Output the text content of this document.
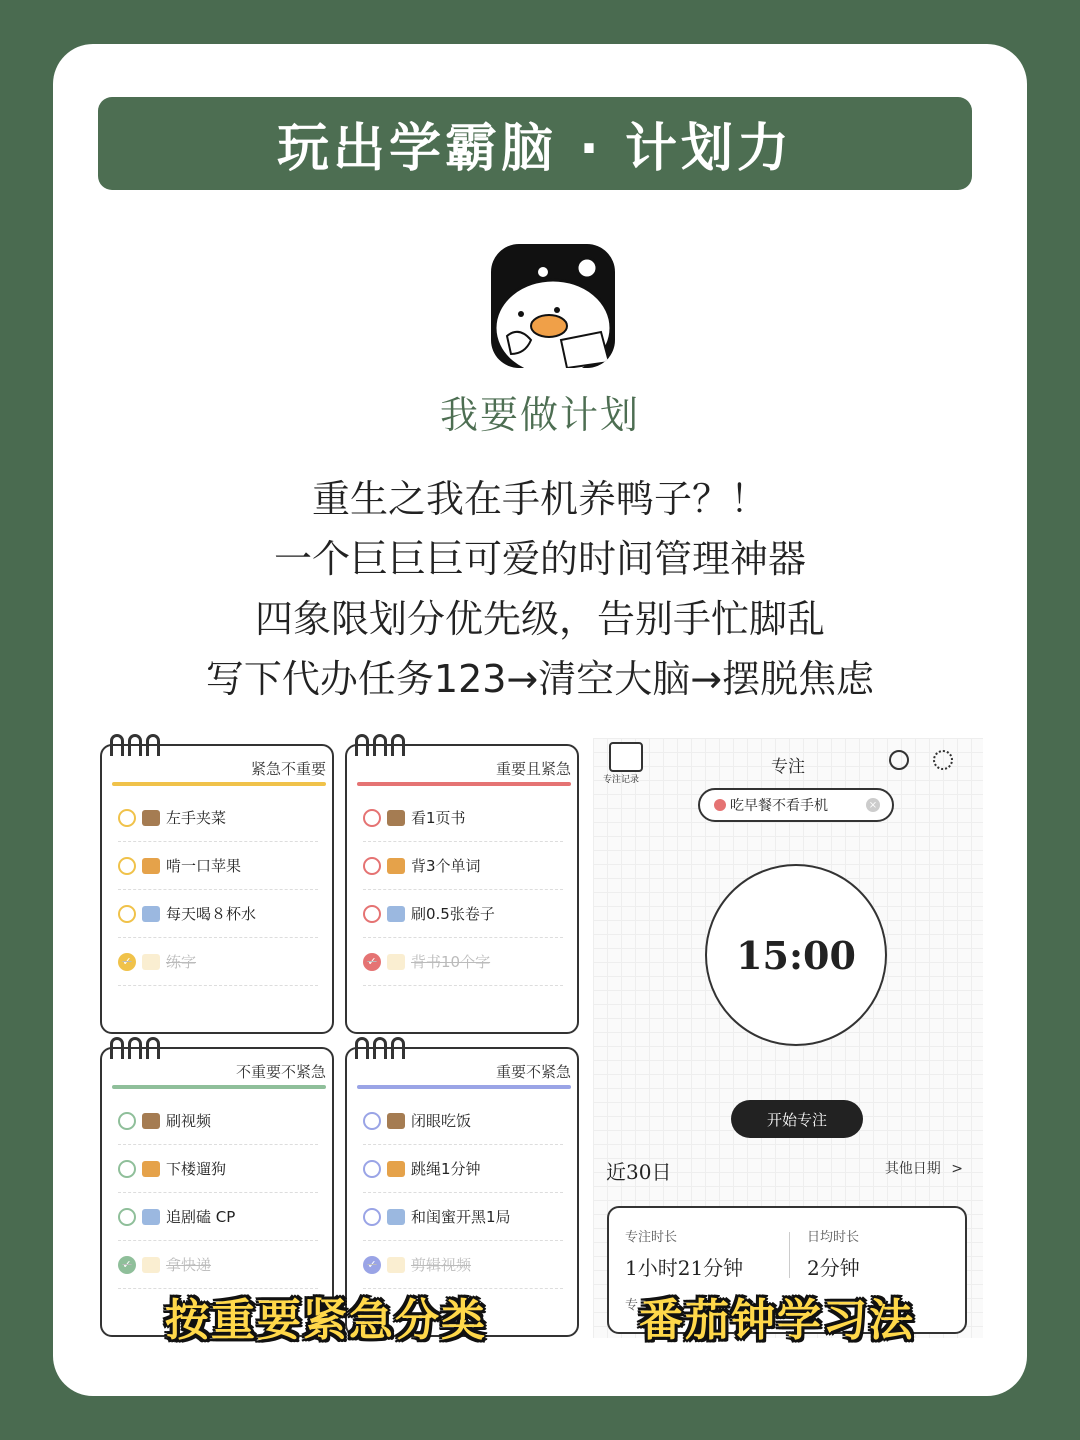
玩出学霸脑 · 计划力
我要做计划
重生之我在手机养鸭子？！
一个巨巨巨可爱的时间管理神器
四象限划分优先级，告别手忙脚乱
写下代办任务123→清空大脑→摆脱焦虑
紧急不重要
左手夹菜
啃一口苹果
每天喝８杯水
✓ 练字
重要且紧急
看1页书
背3个单词
刷0.5张卷子
✓ 背书10个字
不重要不紧急
刷视频
下楼遛狗
追剧磕 CP
✓ 拿快递
重要不紧急
闭眼吃饭
跳绳1分钟
和闺蜜开黑1局
✓ 剪辑视频
按重要紧急分类
专注记录
专注
吃早餐不看手机	×
15:00
开始专注
近30日	其他日期 >
专注时长
1小时21分钟
日均时长
2分钟
专 番茄钟学习法
